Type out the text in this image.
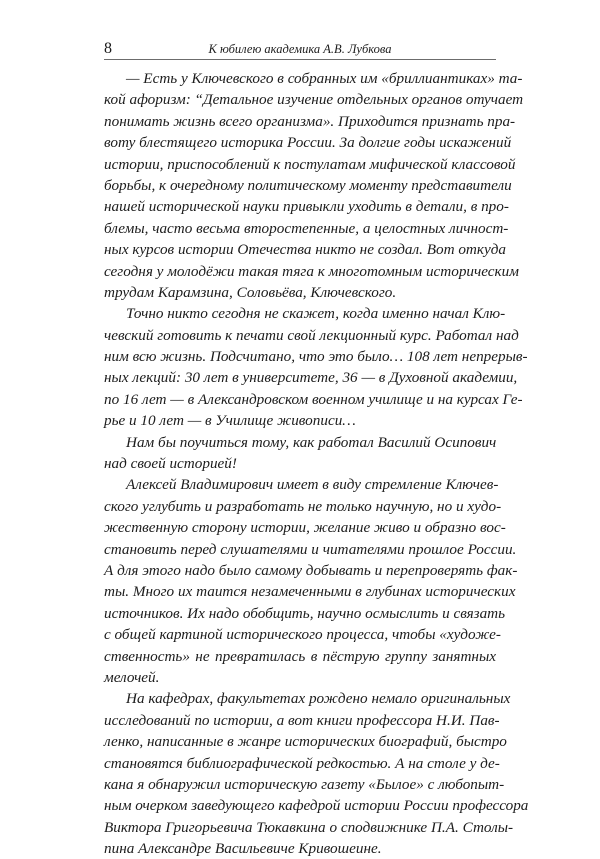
8	К юбилею академика А.В. Лубкова
— Есть у Ключевского в собранных им «бриллиантиках» та-
кой афоризм: “Детальное изучение отдельных органов отучает
понимать жизнь всего организма». Приходится признать пра-
воту блестящего историка России. За долгие годы искажений
истории, приспособлений к постулатам мифической классовой
борьбы, к очередному политическому моменту представители
нашей исторической науки привыкли уходить в детали, в про-
блемы, часто весьма второстепенные, а целостных личност-
ных курсов истории Отечества никто не создал. Вот откуда
сегодня у молодёжи такая тяга к многотомным историческим
трудам Карамзина, Соловьёва, Ключевского.
Точно никто сегодня не скажет, когда именно начал Клю-
чевский готовить к печати свой лекционный курс. Работал над
ним всю жизнь. Подсчитано, что это было… 108 лет непрерыв-
ных лекций: 30 лет в университете, 36 — в Духовной академии,
по 16 лет — в Александровском военном училище и на курсах Ге-
рье и 10 лет — в Училище живописи…
Нам бы поучиться тому, как работал Василий Осипович
над своей историей!
Алексей Владимирович имеет в виду стремление Ключев-
ского углубить и разработать не только научную, но и худо-
жественную сторону истории, желание живо и образно вос-
становить перед слушателями и читателями прошлое России.
А для этого надо было самому добывать и перепроверять фак-
ты. Много их таится незамеченными в глубинах исторических
источников. Их надо обобщить, научно осмыслить и связать
с общей картиной исторического процесса, чтобы «художе-
ственность» не превратилась в пёструю группу занятных
мелочей.
На кафедрах, факультетах рождено немало оригинальных
исследований по истории, а вот книги профессора Н.И. Пав-
ленко, написанные в жанре исторических биографий, быстро
становятся библиографической редкостью. А на столе у де-
кана я обнаружил историческую газету «Былое» с любопыт-
ным очерком заведующего кафедрой истории России профессора
Виктора Григорьевича Тюкавкина о сподвижнике П.А. Столы-
пина Александре Васильевиче Кривошеине.
